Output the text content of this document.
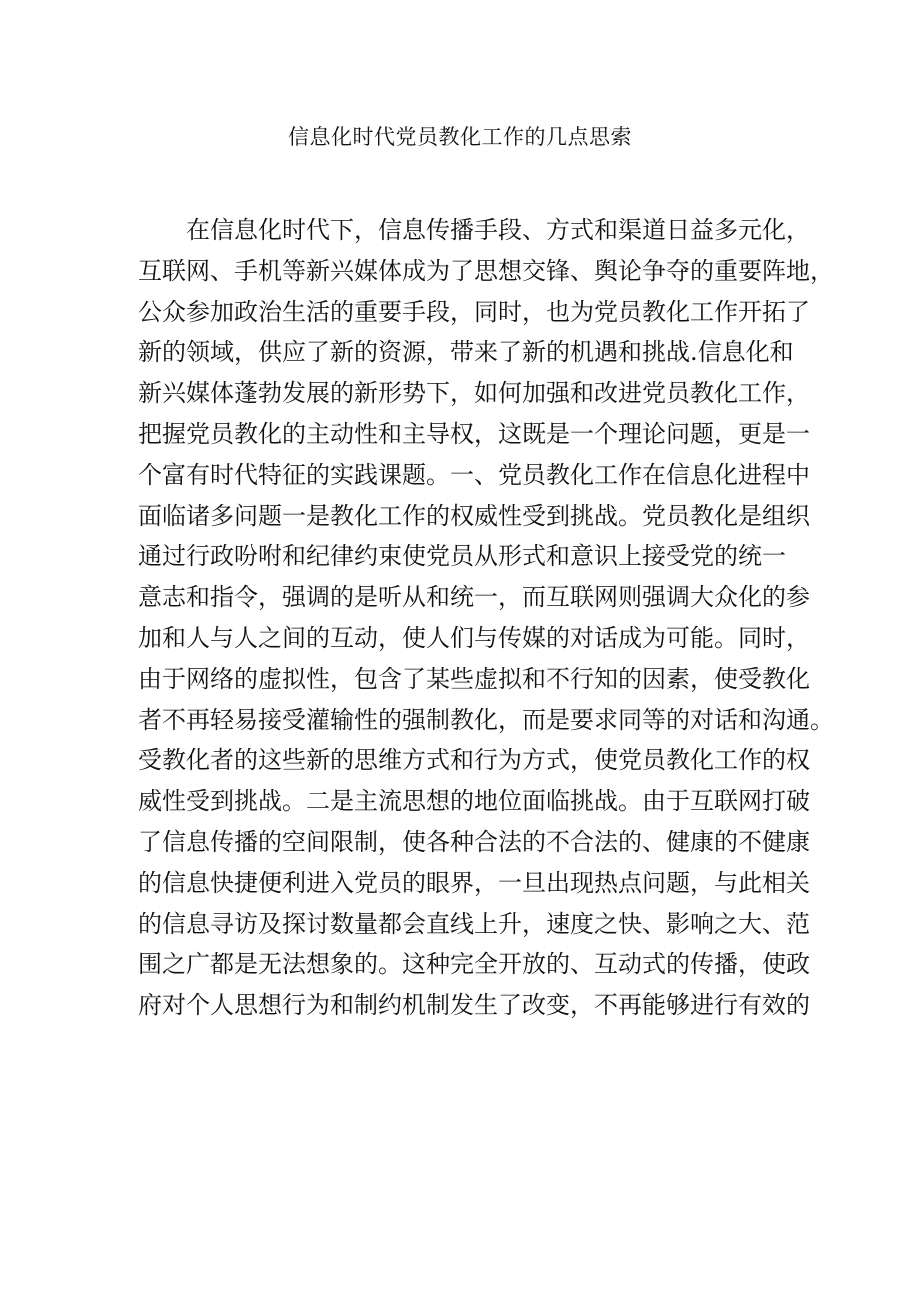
信息化时代党员教化工作的几点思索
在信息化时代下，信息传播手段、方式和渠道日益多元化，
互联网、手机等新兴媒体成为了思想交锋、舆论争夺的重要阵地，
公众参加政治生活的重要手段，同时，也为党员教化工作开拓了
新的领域，供应了新的资源，带来了新的机遇和挑战.信息化和
新兴媒体蓬勃发展的新形势下，如何加强和改进党员教化工作，
把握党员教化的主动性和主导权，这既是一个理论问题，更是一
个富有时代特征的实践课题。一、党员教化工作在信息化进程中
面临诸多问题一是教化工作的权威性受到挑战。党员教化是组织
通过行政吩咐和纪律约束使党员从形式和意识上接受党的统一
意志和指令，强调的是听从和统一，而互联网则强调大众化的参
加和人与人之间的互动，使人们与传媒的对话成为可能。同时，
由于网络的虚拟性，包含了某些虚拟和不行知的因素，使受教化
者不再轻易接受灌输性的强制教化，而是要求同等的对话和沟通。
受教化者的这些新的思维方式和行为方式，使党员教化工作的权
威性受到挑战。二是主流思想的地位面临挑战。由于互联网打破
了信息传播的空间限制，使各种合法的不合法的、健康的不健康
的信息快捷便利进入党员的眼界，一旦出现热点问题，与此相关
的信息寻访及探讨数量都会直线上升，速度之快、影响之大、范
围之广都是无法想象的。这种完全开放的、互动式的传播，使政
府对个人思想行为和制约机制发生了改变，不再能够进行有效的
